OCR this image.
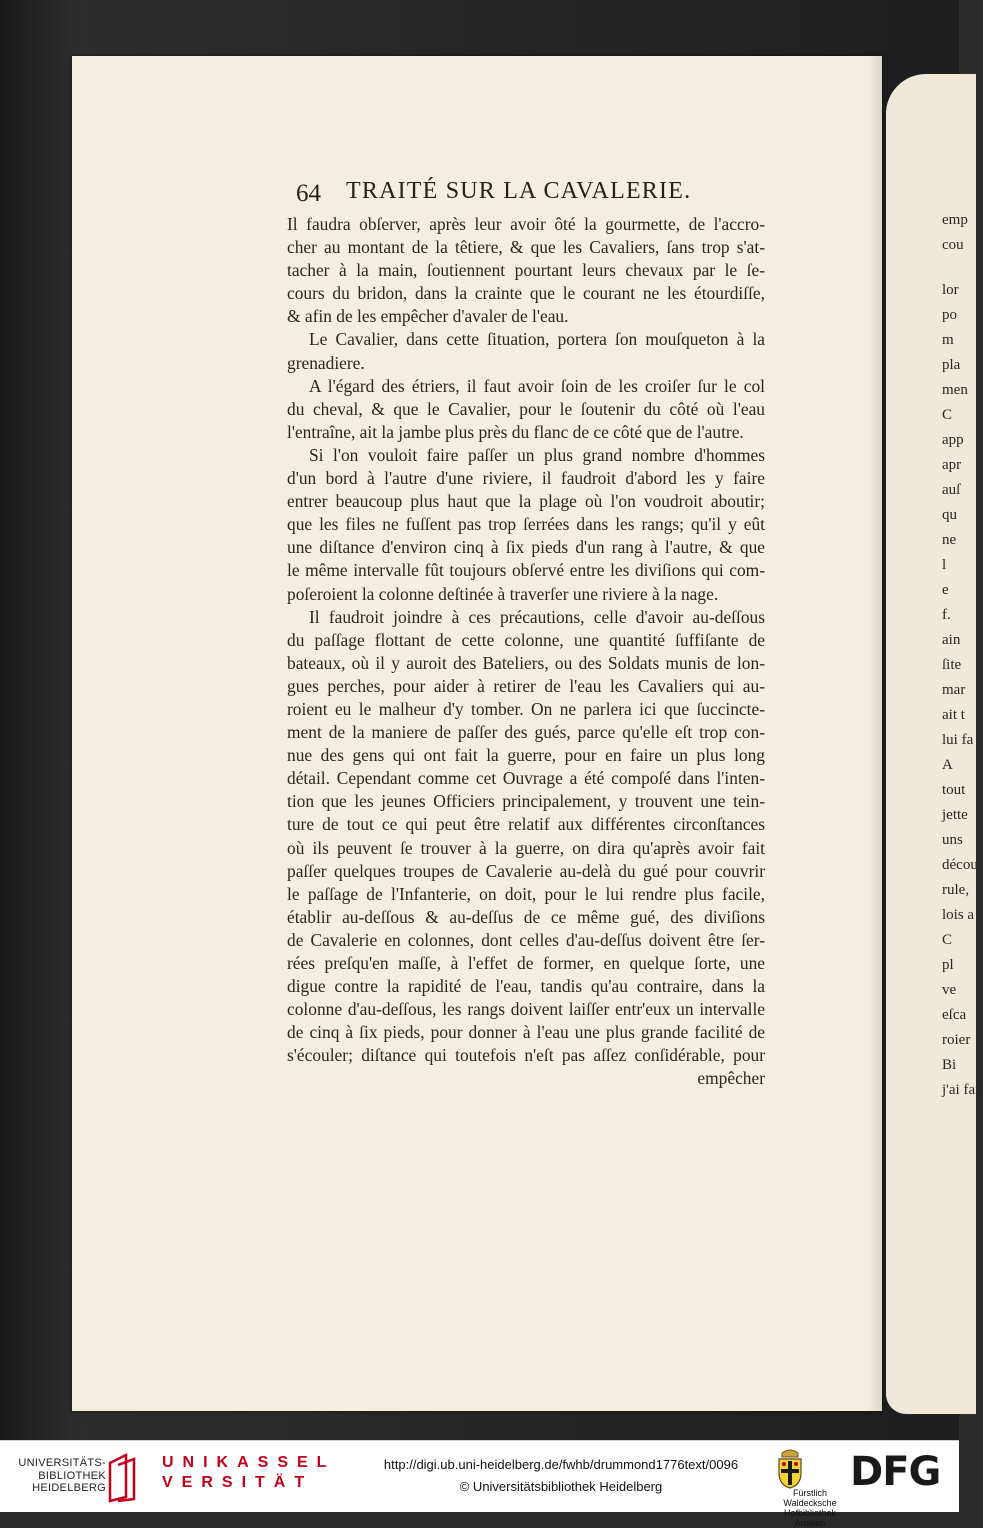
emp
cou
lor
po
m
pla
men
C
app
apr
auſ
qu
ne
l
e
f.
ain
ſite
mar
ait t
lui fa
A
tout
jette
uns
décou
rule,
lois a
C
pl
ve
eſca
roier
Bi
j'ai fait
64 TRAITÉ SUR LA CAVALERIE.
Il faudra obſerver, après leur avoir ôté la gourmette, de l'accro-
cher au montant de la têtiere, & que les Cavaliers, ſans trop s'at-
tacher à la main, ſoutiennent pourtant leurs chevaux par le ſe-
cours du bridon, dans la crainte que le courant ne les étourdiſſe,
& afin de les empêcher d'avaler de l'eau.
Le Cavalier, dans cette ſituation, portera ſon mouſqueton à la
grenadiere.
A l'égard des étriers, il faut avoir ſoin de les croiſer ſur le col
du cheval, & que le Cavalier, pour le ſoutenir du côté où l'eau
l'entraîne, ait la jambe plus près du flanc de ce côté que de l'autre.
Si l'on vouloit faire paſſer un plus grand nombre d'hommes
d'un bord à l'autre d'une riviere, il faudroit d'abord les y faire
entrer beaucoup plus haut que la plage où l'on voudroit aboutir;
que les files ne fuſſent pas trop ſerrées dans les rangs; qu'il y eût
une diſtance d'environ cinq à ſix pieds d'un rang à l'autre, & que
le même intervalle fût toujours obſervé entre les diviſions qui com-
poſeroient la colonne deſtinée à traverſer une riviere à la nage.
Il faudroit joindre à ces précautions, celle d'avoir au-deſſous
du paſſage flottant de cette colonne, une quantité ſuffiſante de
bateaux, où il y auroit des Bateliers, ou des Soldats munis de lon-
gues perches, pour aider à retirer de l'eau les Cavaliers qui au-
roient eu le malheur d'y tomber. On ne parlera ici que ſuccincte-
ment de la maniere de paſſer des gués, parce qu'elle eſt trop con-
nue des gens qui ont fait la guerre, pour en faire un plus long
détail. Cependant comme cet Ouvrage a été compoſé dans l'inten-
tion que les jeunes Officiers principalement, y trouvent une tein-
ture de tout ce qui peut être relatif aux différentes circonſtances
où ils peuvent ſe trouver à la guerre, on dira qu'après avoir fait
paſſer quelques troupes de Cavalerie au-delà du gué pour couvrir
le paſſage de l'Infanterie, on doit, pour le lui rendre plus facile,
établir au-deſſous & au-deſſus de ce même gué, des diviſions
de Cavalerie en colonnes, dont celles d'au-deſſus doivent être ſer-
rées preſqu'en maſſe, à l'effet de former, en quelque ſorte, une
digue contre la rapidité de l'eau, tandis qu'au contraire, dans la
colonne d'au-deſſous, les rangs doivent laiſſer entr'eux un intervalle
de cinq à ſix pieds, pour donner à l'eau une plus grande facilité de
s'écouler; diſtance qui toutefois n'eſt pas aſſez conſidérable, pour
empêcher
UNIVERSITÄTS-
BIBLIOTHEK
HEIDELBERG
UNIKASSEL
VERSITÄT
http://digi.ub.uni-heidelberg.de/fwhb/drummond1776text/0096
© Universitätsbibliothek Heidelberg	Fürstlich Waldecksche
Hofbibliothek Arolsen
DFG
